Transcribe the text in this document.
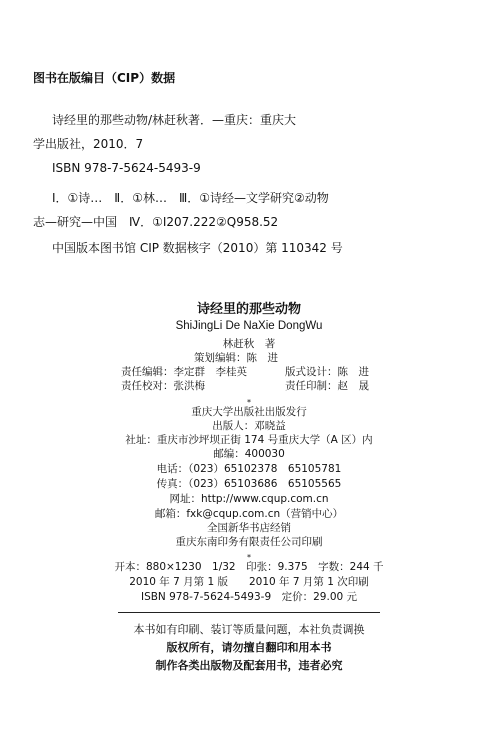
图书在版编目（CIP）数据
诗经里的那些动物/林赶秋著．—重庆：重庆大
学出版社，2010．7
ISBN 978-7-5624-5493-9
Ⅰ．①诗…　Ⅱ．①林…　Ⅲ．①诗经—文学研究②动物
志—研究—中国　Ⅳ．①I207.222②Q958.52
中国版本图书馆 CIP 数据核字（2010）第 110342 号
诗经里的那些动物
ShiJingLi De NaXie DongWu
林赶秋　著
策划编辑：陈　进
责任编辑：李定群　李桂英	版式设计：陈　进
责任校对：张洪梅	责任印制：赵　晟
*
重庆大学出版社出版发行
出版人：邓晓益
社址：重庆市沙坪坝正街 174 号重庆大学（A 区）内
邮编：400030
电话：（023）65102378　65105781
传真：（023）65103686　65105565
网址：http://www.cqup.com.cn
邮箱：fxk@cqup.com.cn（营销中心）
全国新华书店经销
重庆东南印务有限责任公司印刷
*
开本：880×1230　1/32　印张：9.375　字数：244 千
2010 年 7 月第 1 版　　2010 年 7 月第 1 次印刷
ISBN 978-7-5624-5493-9　定价：29.00 元
本书如有印刷、装订等质量问题，本社负责调换
版权所有，请勿擅自翻印和用本书
制作各类出版物及配套用书，违者必究
